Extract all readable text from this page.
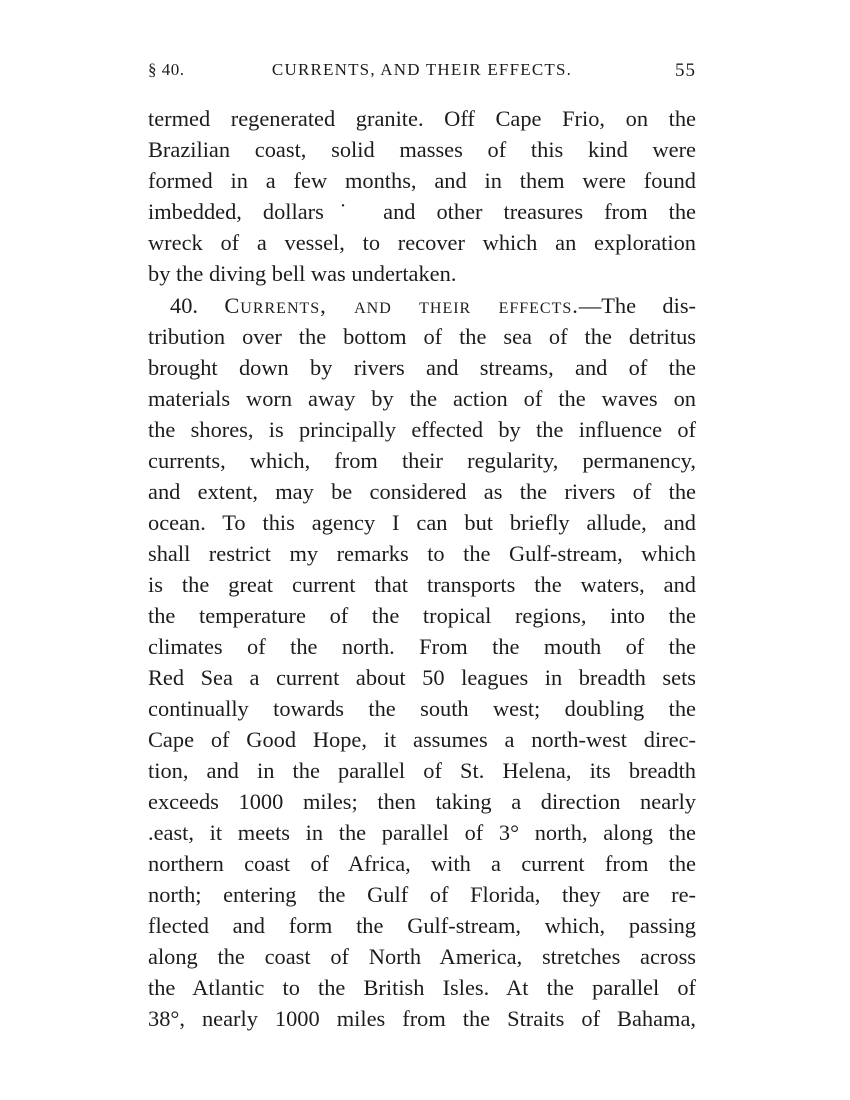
§ 40.	CURRENTS, AND THEIR EFFECTS.	55
termed regenerated granite. Off Cape Frio, on the
Brazilian coast, solid masses of this kind were
formed in a few months, and in them were found
imbedded, dollars˙ and other treasures from the
wreck of a vessel, to recover which an exploration
by the diving bell was undertaken.
40. Currents, and their effects.—The dis-
tribution over the bottom of the sea of the detritus
brought down by rivers and streams, and of the
materials worn away by the action of the waves on
the shores, is principally effected by the influence of
currents, which, from their regularity, permanency,
and extent, may be considered as the rivers of the
ocean. To this agency I can but briefly allude, and
shall restrict my remarks to the Gulf-stream, which
is the great current that transports the waters, and
the temperature of the tropical regions, into the
climates of the north. From the mouth of the
Red Sea a current about 50 leagues in breadth sets
continually towards the south west; doubling the
Cape of Good Hope, it assumes a north-west direc-
tion, and in the parallel of St. Helena, its breadth
exceeds 1000 miles; then taking a direction nearly
.east, it meets in the parallel of 3° north, along the
northern coast of Africa, with a current from the
north; entering the Gulf of Florida, they are re-
flected and form the Gulf-stream, which, passing
along the coast of North America, stretches across
the Atlantic to the British Isles. At the parallel of
38°, nearly 1000 miles from the Straits of Bahama,
